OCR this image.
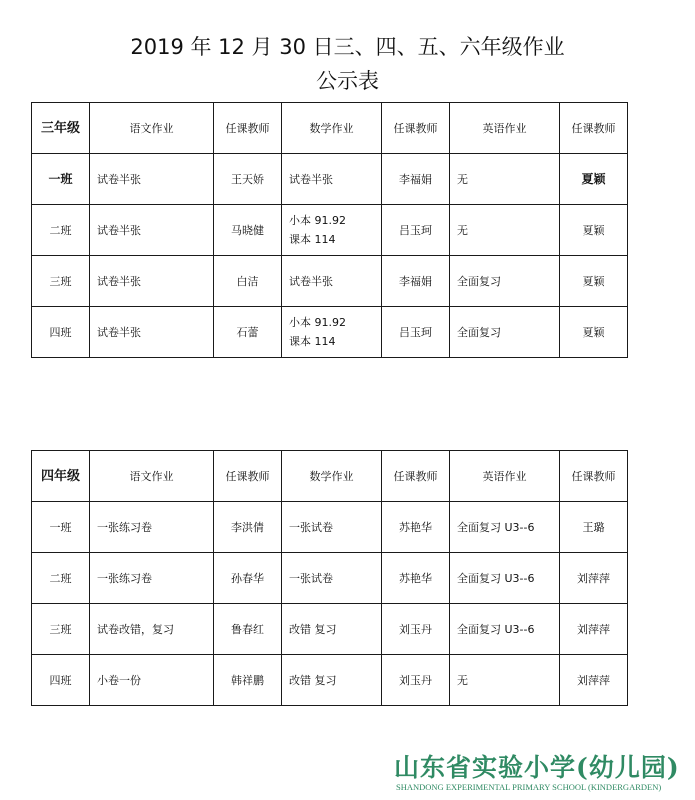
2019 年 12 月 30 日三、四、五、六年级作业
公示表
三年级	语文作业	任课教师	数学作业	任课教师	英语作业	任课教师
一班	试卷半张	王天娇	试卷半张	李福娟	无	夏颖
二班	试卷半张	马晓健	小本 91.92
课本 114	吕玉珂	无	夏颖
三班	试卷半张	白洁	试卷半张	李福娟	全面复习	夏颖
四班	试卷半张	石蕾	小本 91.92
课本 114	吕玉珂	全面复习	夏颖
四年级	语文作业	任课教师	数学作业	任课教师	英语作业	任课教师
一班	一张练习卷	李洪倩	一张试卷	苏艳华	全面复习 U3--6	王璐
二班	一张练习卷	孙春华	一张试卷	苏艳华	全面复习 U3--6	刘萍萍
三班	试卷改错，复习	鲁春红	改错 复习	刘玉丹	全面复习 U3--6	刘萍萍
四班	小卷一份	韩祥鹏	改错 复习	刘玉丹	无	刘萍萍
山东省实验小学(幼儿园)
SHANDONG EXPERIMENTAL PRIMARY SCHOOL (KINDERGARDEN)
